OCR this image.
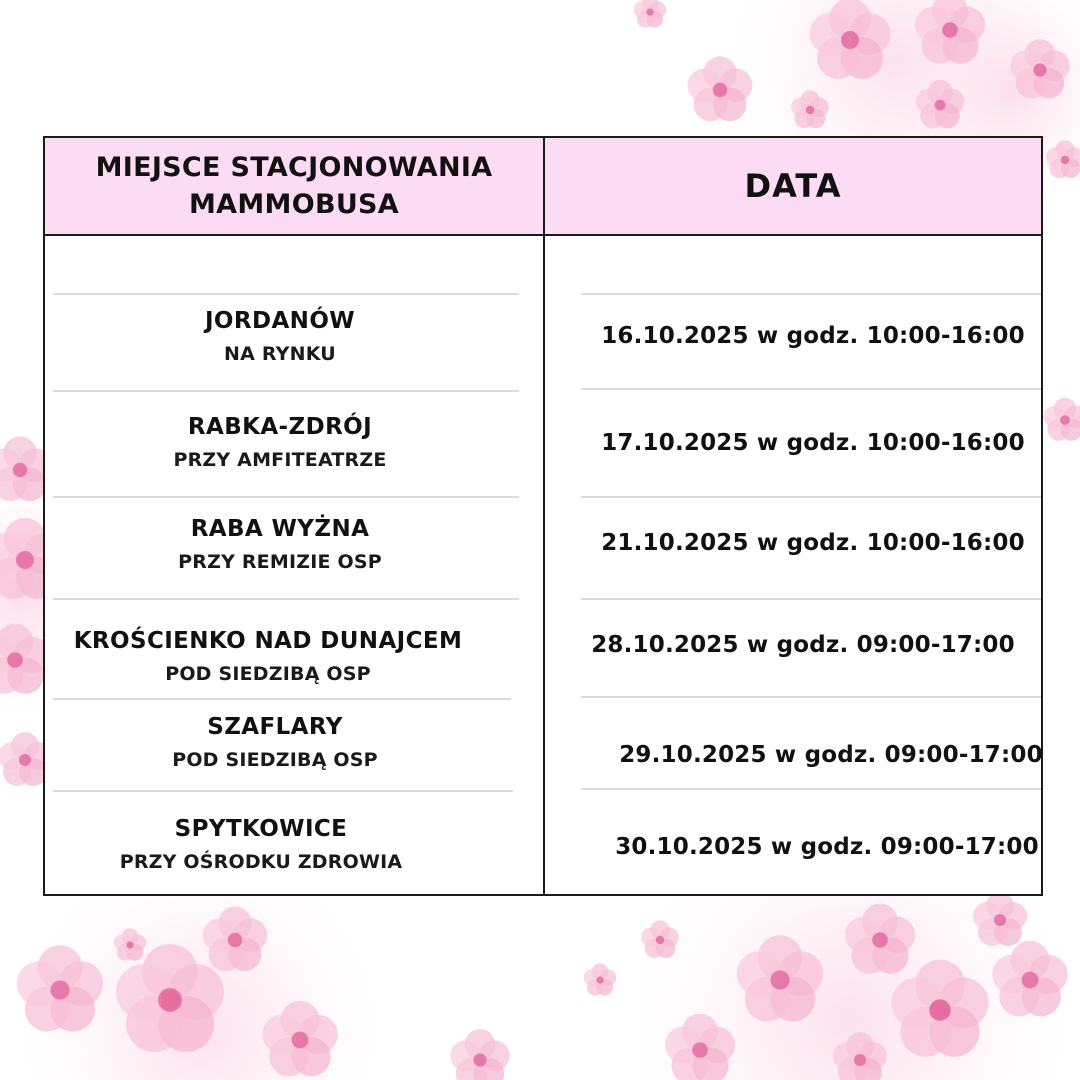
MIEJSCE STACJONOWANIA
MAMMOBUSA	DATA
JORDANÓW
NA RYNKU
16.10.2025 w godz. 10:00-16:00
RABKA-ZDRÓJ
PRZY AMFITEATRZE
17.10.2025 w godz. 10:00-16:00
RABA WYŻNA
PRZY REMIZIE OSP
21.10.2025 w godz. 10:00-16:00
KROŚCIENKO NAD DUNAJCEM
POD SIEDZIBĄ OSP
28.10.2025 w godz. 09:00-17:00
SZAFLARY
POD SIEDZIBĄ OSP	29.10.2025 w godz. 09:00-17:00
SPYTKOWICE
PRZY OŚRODKU ZDROWIA
30.10.2025 w godz. 09:00-17:00
